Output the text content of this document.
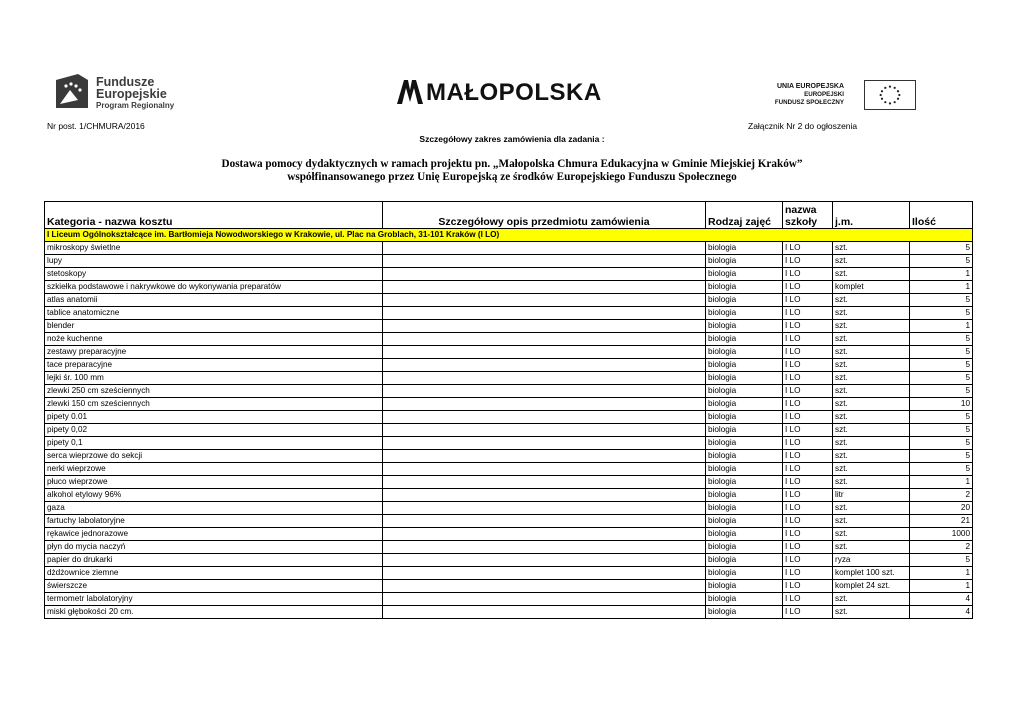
Fundusze
Europejskie
Program Regionalny	MAŁOPOLSKA	UNIA EUROPEJSKA
EUROPEJSKI
FUNDUSZ SPOŁECZNY
Nr post. 1/CHMURA/2016	Załącznik Nr 2 do ogłoszenia
Szczegółowy zakres zamówienia dla zadania :
Dostawa pomocy dydaktycznych w ramach projektu pn. „Małopolska Chmura Edukacyjna w Gminie Miejskiej Kraków”
współfinansowanego przez Unię Europejską ze środków Europejskiego Funduszu Społecznego
Kategoria - nazwa kosztu	Szczegółowy opis przedmiotu zamówienia	Rodzaj zajęć	nazwa szkoły	j.m.	Ilość
I Liceum Ogólnokształcące im. Bartłomieja Nowodworskiego w Krakowie, ul. Plac na Groblach, 31-101 Kraków (I LO)					
mikroskopy świetlne		biologia	I LO	szt.	5
lupy		biologia	I LO	szt.	5
stetoskopy		biologia	I LO	szt.	1
szkiełka podstawowe i nakrywkowe do wykonywania preparatów		biologia	I LO	komplet	1
atlas anatomii		biologia	I LO	szt.	5
tablice anatomiczne		biologia	I LO	szt.	5
blender		biologia	I LO	szt.	1
noże kuchenne		biologia	I LO	szt.	5
zestawy preparacyjne		biologia	I LO	szt.	5
tace preparacyjne		biologia	I LO	szt.	5
lejki śr. 100 mm		biologia	I LO	szt.	5
zlewki 250 cm sześciennych		biologia	I LO	szt.	5
zlewki 150 cm sześciennych		biologia	I LO	szt.	10
pipety 0.01		biologia	I LO	szt.	5
pipety 0,02		biologia	I LO	szt.	5
pipety 0,1		biologia	I LO	szt.	5
serca wieprzowe do sekcji		biologia	I LO	szt.	5
nerki wieprzowe		biologia	I LO	szt.	5
płuco wieprzowe		biologia	I LO	szt.	1
alkohol etylowy 96%		biologia	I LO	litr	2
gaza		biologia	I LO	szt.	20
fartuchy labolatoryjne		biologia	I LO	szt.	21
rękawice jednorazowe		biologia	I LO	szt.	1000
płyn do mycia naczyń		biologia	I LO	szt.	2
papier do drukarki		biologia	I LO	ryza	5
dżdżownice ziemne		biologia	I LO	komplet 100 szt.	1
świerszcze		biologia	I LO	komplet 24 szt.	1
termometr labolatoryjny		biologia	I LO	szt.	4
miski głębokości 20 cm.		biologia	I LO	szt.	4
